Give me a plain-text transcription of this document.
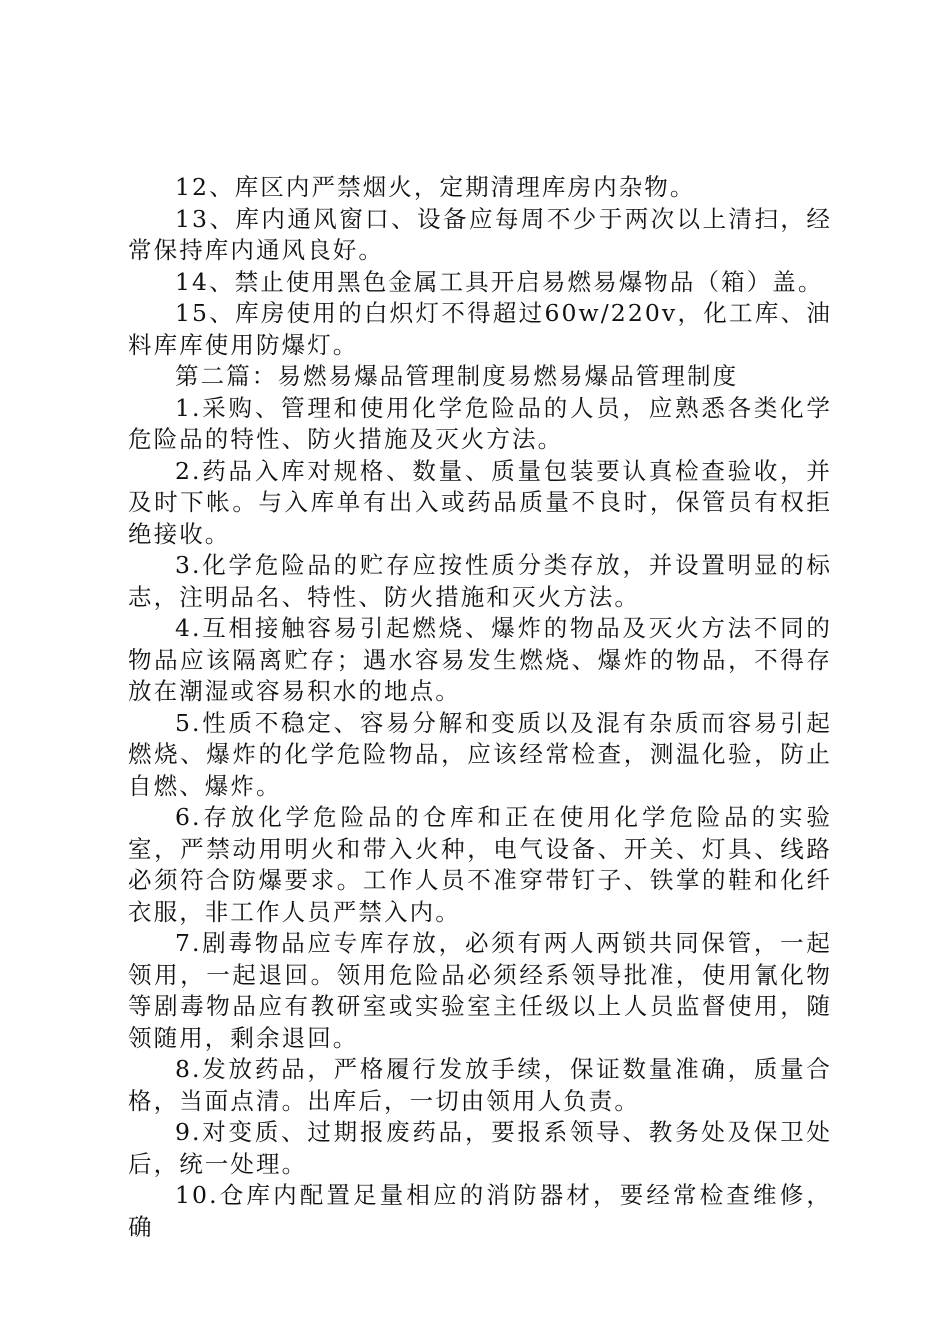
12、库区内严禁烟火，定期清理库房内杂物。

13、库内通风窗口、设备应每周不少于两次以上清扫，经常保持库内通风良好。

14、禁止使用黑色金属工具开启易燃易爆物品（箱）盖。

15、库房使用的白炽灯不得超过60w/220v，化工库、油料库库使用防爆灯。

第二篇：易燃易爆品管理制度易燃易爆品管理制度

1.采购、管理和使用化学危险品的人员，应熟悉各类化学危险品的特性、防火措施及灭火方法。

2.药品入库对规格、数量、质量包装要认真检查验收，并及时下帐。与入库单有出入或药品质量不良时，保管员有权拒绝接收。

3.化学危险品的贮存应按性质分类存放，并设置明显的标志，注明品名、特性、防火措施和灭火方法。

4.互相接触容易引起燃烧、爆炸的物品及灭火方法不同的物品应该隔离贮存；遇水容易发生燃烧、爆炸的物品，不得存放在潮湿或容易积水的地点。

5.性质不稳定、容易分解和变质以及混有杂质而容易引起燃烧、爆炸的化学危险物品，应该经常检查，测温化验，防止自燃、爆炸。

6.存放化学危险品的仓库和正在使用化学危险品的实验室，严禁动用明火和带入火种，电气设备、开关、灯具、线路必须符合防爆要求。工作人员不准穿带钉子、铁掌的鞋和化纤衣服，非工作人员严禁入内。

7.剧毒物品应专库存放，必须有两人两锁共同保管，一起领用，一起退回。领用危险品必须经系领导批准，使用氰化物等剧毒物品应有教研室或实验室主任级以上人员监督使用，随领随用，剩余退回。

8.发放药品，严格履行发放手续，保证数量准确，质量合格，当面点清。出库后，一切由领用人负责。

9.对变质、过期报废药品，要报系领导、教务处及保卫处后，统一处理。

10.仓库内配置足量相应的消防器材，要经常检查维修，确
